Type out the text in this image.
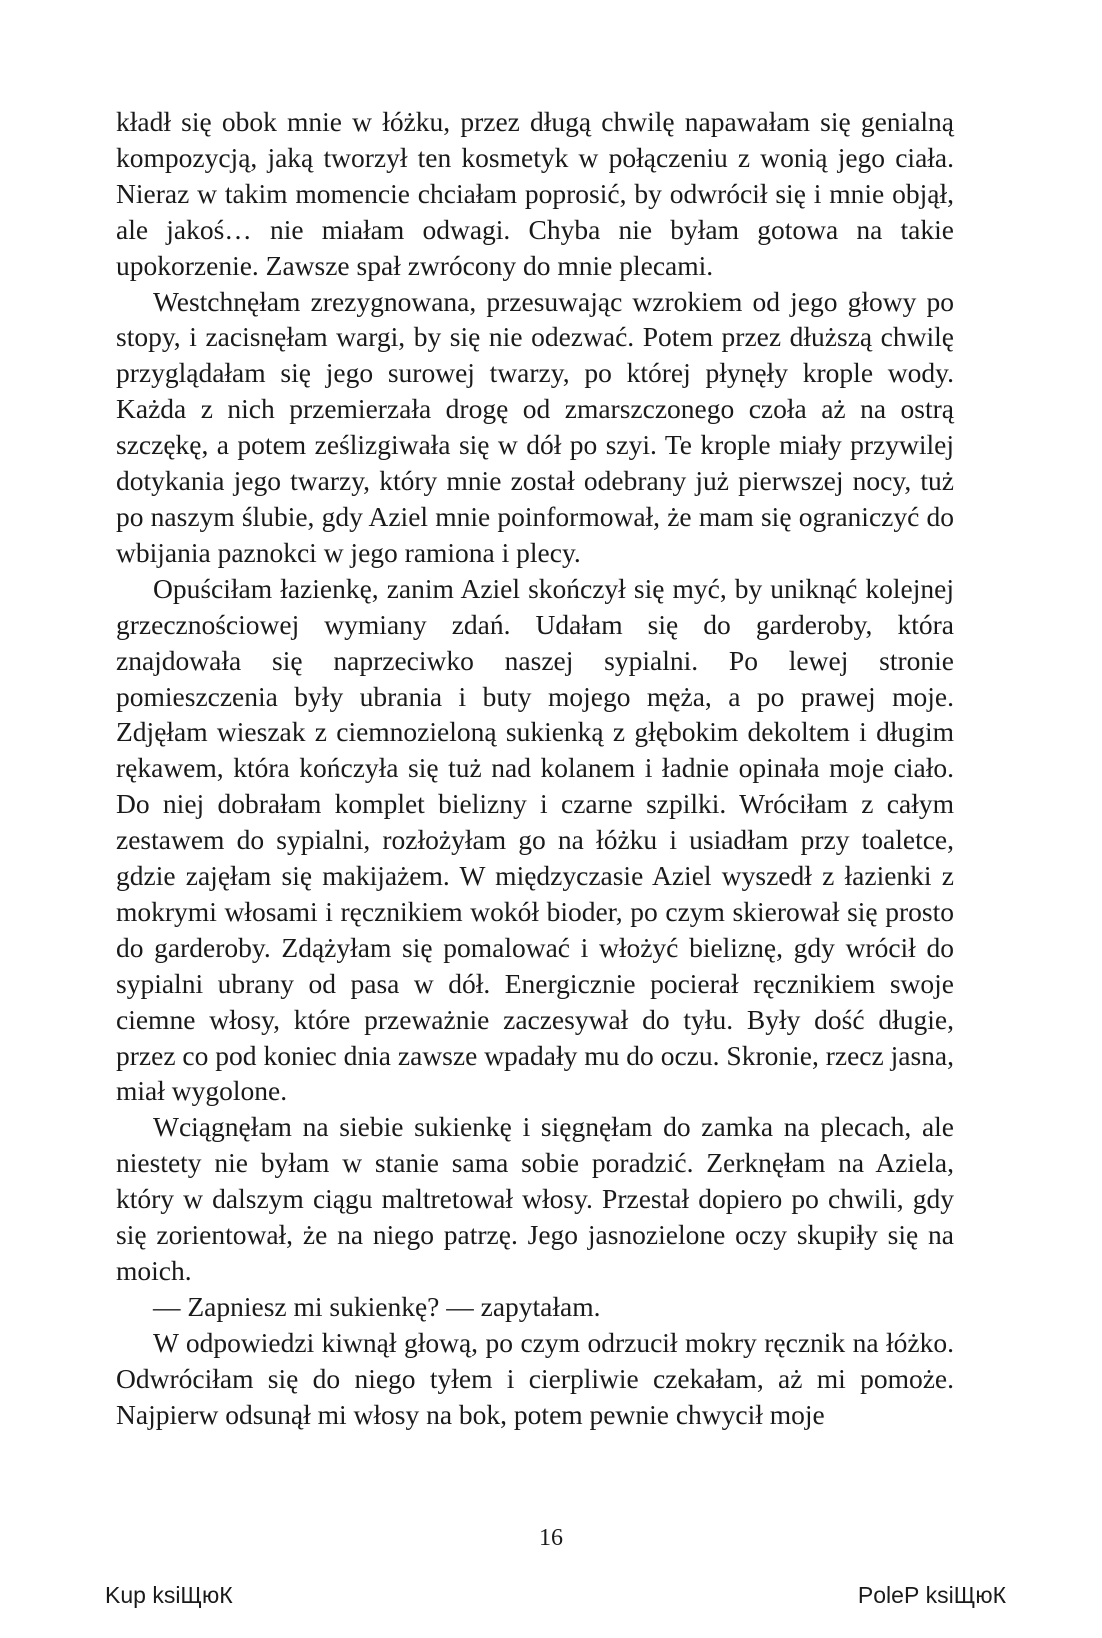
kładł się obok mnie w łóżku, przez długą chwilę napawałam się genialną kompozycją, jaką tworzył ten kosmetyk w połączeniu z wonią jego ciała. Nieraz w takim momencie chciałam poprosić, by odwrócił się i mnie objął, ale jakoś… nie miałam odwagi. Chyba nie byłam gotowa na takie upokorzenie. Zawsze spał zwrócony do mnie plecami.

Westchnęłam zrezygnowana, przesuwając wzrokiem od jego głowy po stopy, i zacisnęłam wargi, by się nie odezwać. Potem przez dłuższą chwilę przyglądałam się jego surowej twarzy, po której płynęły krople wody. Każda z nich przemierzała drogę od zmarszczonego czoła aż na ostrą szczękę, a potem ześlizgiwała się w dół po szyi. Te krople miały przywilej dotykania jego twarzy, który mnie został odebrany już pierwszej nocy, tuż po naszym ślubie, gdy Aziel mnie poinformował, że mam się ograniczyć do wbijania paznokci w jego ramiona i plecy.

Opuściłam łazienkę, zanim Aziel skończył się myć, by uniknąć kolejnej grzecznościowej wymiany zdań. Udałam się do garderoby, która znajdowała się naprzeciwko naszej sypialni. Po lewej stronie pomieszczenia były ubrania i buty mojego męża, a po prawej moje. Zdjęłam wieszak z ciemnozieloną sukienką z głębokim dekoltem i długim rękawem, która kończyła się tuż nad kolanem i ładnie opinała moje ciało. Do niej dobrałam komplet bielizny i czarne szpilki. Wróciłam z całym zestawem do sypialni, rozłożyłam go na łóżku i usiadłam przy toaletce, gdzie zajęłam się makijażem. W międzyczasie Aziel wyszedł z łazienki z mokrymi włosami i ręcznikiem wokół bioder, po czym skierował się prosto do garderoby. Zdążyłam się pomalować i włożyć bieliznę, gdy wrócił do sypialni ubrany od pasa w dół. Energicznie pocierał ręcznikiem swoje ciemne włosy, które przeważnie zaczesywał do tyłu. Były dość długie, przez co pod koniec dnia zawsze wpadały mu do oczu. Skronie, rzecz jasna, miał wygolone.

Wciągnęłam na siebie sukienkę i sięgnęłam do zamka na plecach, ale niestety nie byłam w stanie sama sobie poradzić. Zerknęłam na Aziela, który w dalszym ciągu maltretował włosy. Przestał dopiero po chwili, gdy się zorientował, że na niego patrzę. Jego jasnozielone oczy skupiły się na moich.

— Zapniesz mi sukienkę? — zapytałam.

W odpowiedzi kiwnął głową, po czym odrzucił mokry ręcznik na łóżko. Odwróciłam się do niego tyłem i cierpliwie czekałam, aż mi pomoże. Najpierw odsunął mi włosy na bok, potem pewnie chwycił moje

16
Kup ksiЩюК	PoleР ksiЩюК
